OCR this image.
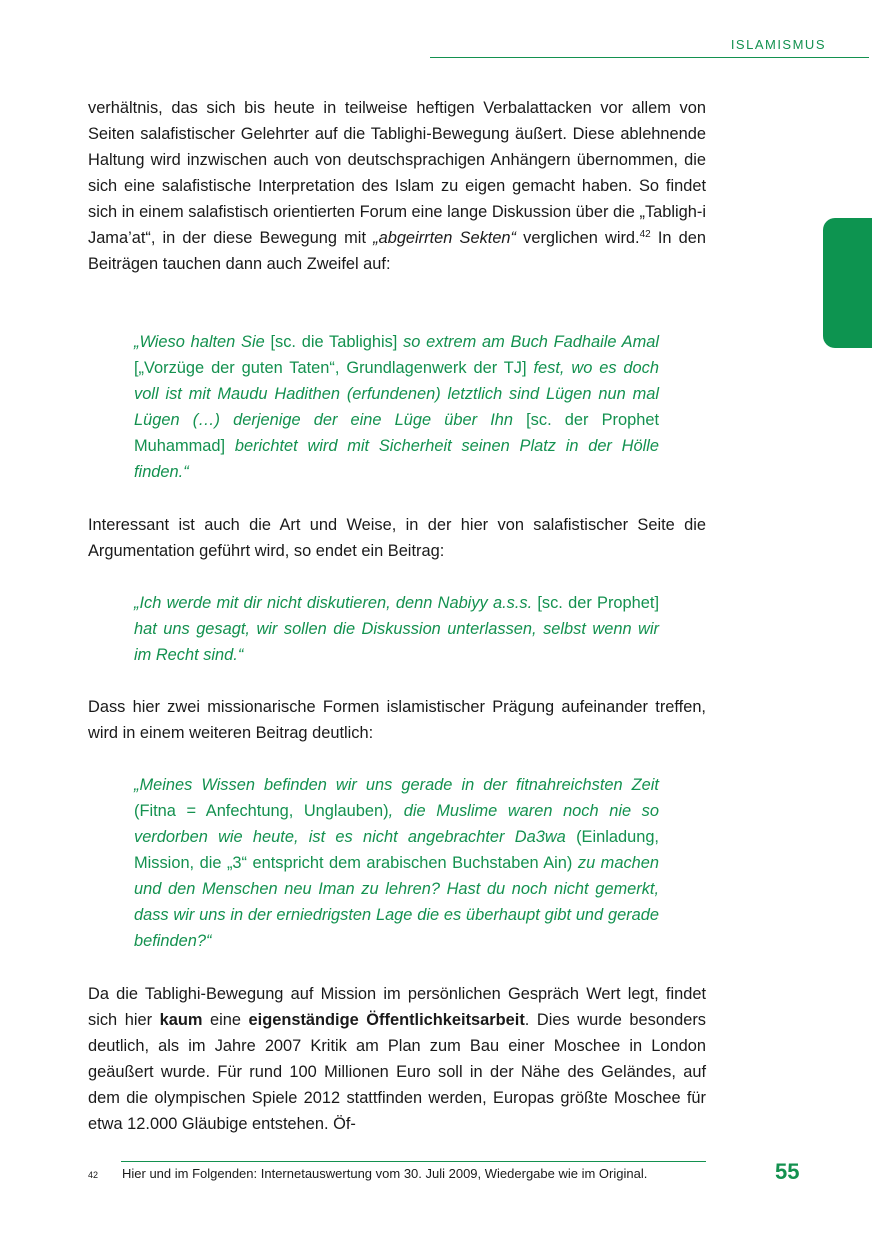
ISLAMISMUS

verhältnis, das sich bis heute in teilweise heftigen Verbalattacken vor allem von Seiten salafistischer Gelehrter auf die Tablighi-Bewegung äußert. Diese ablehnende Haltung wird inzwischen auch von deutschsprachigen Anhängern übernommen, die sich eine salafistische Interpretation des Islam zu eigen gemacht haben. So findet sich in einem salafistisch orientierten Forum eine lange Diskussion über die „Tabligh-i Jama’at“, in der diese Bewegung mit „abgeirrten Sekten“ verglichen wird.$^{42}$ In den Beiträgen tauchen dann auch Zweifel auf:

„Wieso halten Sie [sc. die Tablighis] so extrem am Buch Fadhaile Amal [„Vorzüge der guten Taten“, Grundlagenwerk der TJ] fest, wo es doch voll ist mit Maudu Hadithen (erfundenen) letztlich sind Lügen nun mal Lügen (…) derjenige der eine Lüge über Ihn [sc. der Prophet Muhammad] berichtet wird mit Sicherheit seinen Platz in der Hölle finden.“

Interessant ist auch die Art und Weise, in der hier von salafistischer Seite die Argumentation geführt wird, so endet ein Beitrag:

„Ich werde mit dir nicht diskutieren, denn Nabiyy a.s.s. [sc. der Prophet] hat uns gesagt, wir sollen die Diskussion unterlassen, selbst wenn wir im Recht sind.“

Dass hier zwei missionarische Formen islamistischer Prägung aufeinander treffen, wird in einem weiteren Beitrag deutlich:

„Meines Wissen befinden wir uns gerade in der fitnahreichsten Zeit (Fitna = Anfechtung, Unglauben), die Muslime waren noch nie so verdorben wie heute, ist es nicht angebrachter Da3wa (Einladung, Mission, die „3“ entspricht dem arabischen Buchstaben Ain) zu machen und den Menschen neu Iman zu lehren? Hast du noch nicht gemerkt, dass wir uns in der erniedrigsten Lage die es überhaupt gibt und gerade befinden?“

Da die Tablighi-Bewegung auf Mission im persönlichen Gespräch Wert legt, findet sich hier kaum eine eigenständige Öffentlichkeitsarbeit. Dies wurde besonders deutlich, als im Jahre 2007 Kritik am Plan zum Bau einer Moschee in London geäußert wurde. Für rund 100 Millionen Euro soll in der Nähe des Geländes, auf dem die olympischen Spiele 2012 stattfinden werden, Europas größte Moschee für etwa 12.000 Gläubige entstehen. Öf-

42 Hier und im Folgenden: Internetauswertung vom 30. Juli 2009, Wiedergabe wie im Original.	55
